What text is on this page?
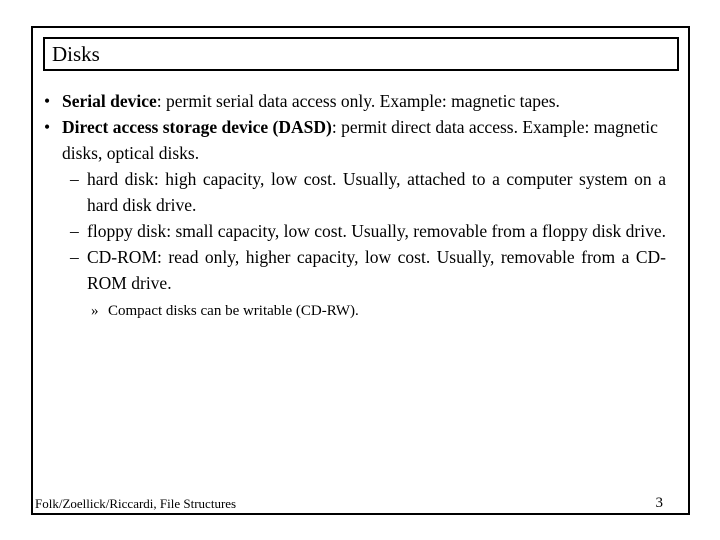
Disks
• Serial device: permit serial data access only. Example: magnetic tapes.
• Direct access storage device (DASD): permit direct data access. Example: magnetic disks, optical disks.
– hard disk: high capacity, low cost. Usually, attached to a computer system on a hard disk drive.
– floppy disk: small capacity, low cost. Usually, removable from a floppy disk drive.
– CD-ROM: read only, higher capacity, low cost. Usually, removable from a CD-ROM drive.
» Compact disks can be writable (CD-RW).
Folk/Zoellick/Riccardi, File Structures	3
